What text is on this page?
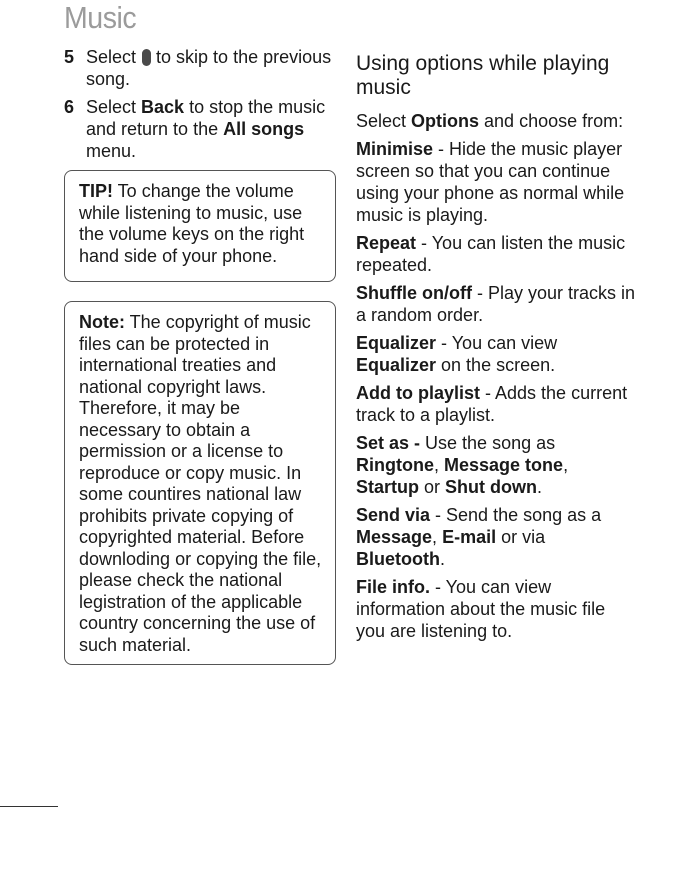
Music
5 Select to skip to the previous song.
6 Select Back to stop the music and return to the All songs menu.
TIP! To change the volume while listening to music, use the volume keys on the right hand side of your phone.
Note: The copyright of music files can be protected in international treaties and national copyright laws. Therefore, it may be necessary to obtain a permission or a license to reproduce or copy music. In some countires national law prohibits private copying of copyrighted material. Before downloding or copying the file, please check the national legistration of the applicable country concerning the use of such material.
Using options while playing music

Select Options and choose from:

Minimise - Hide the music player screen so that you can continue using your phone as normal while music is playing.

Repeat - You can listen the music repeated.

Shuffle on/off - Play your tracks in a random order.

Equalizer - You can view Equalizer on the screen.

Add to playlist - Adds the current track to a playlist.

Set as - Use the song as Ringtone, Message tone, Startup or Shut down.

Send via - Send the song as a Message, E-mail or via Bluetooth.

File info. - You can view information about the music file you are listening to.
